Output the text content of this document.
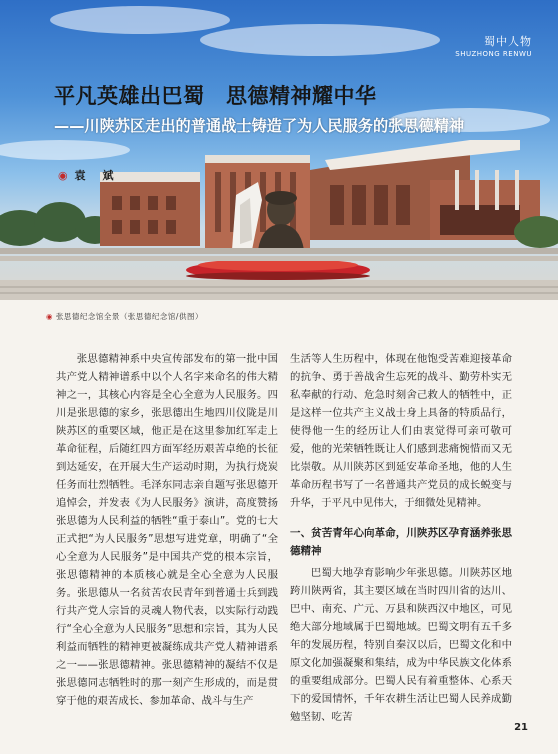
蜀中人物
SHUZHONG RENWU
平凡英雄出巴蜀　思德精神耀中华
——川陕苏区走出的普通战士铸造了为人民服务的张思德精神
◉ 袁　斌
◉ 张思德纪念馆全景（张思德纪念馆/供图）

张思德精神系中央宣传部发布的第一批中国共产党人精神谱系中以个人名字来命名的伟大精神之一，其核心内容是全心全意为人民服务。四川是张思德的家乡，张思德出生地四川仪陇是川陕苏区的重要区域，他正是在这里参加红军走上革命征程，后随红四方面军经历艰苦卓绝的长征到达延安，在开展大生产运动时期，为执行烧炭任务而壮烈牺牲。毛泽东同志亲自题写张思德开追悼会，并发表《为人民服务》演讲，高度赞扬张思德为人民利益的牺牲“重于泰山”。党的七大正式把“为人民服务”思想写进党章，明确了“全心全意为人民服务”是中国共产党的根本宗旨，张思德精神的本质核心就是全心全意为人民服务。张思德从一名贫苦农民青年到普通士兵到践行共产党人宗旨的灵魂人物代表，以实际行动践行“全心全意为人民服务”思想和宗旨，其为人民利益而牺牲的精神更被凝练成共产党人精神谱系之一——张思德精神。张思德精神的凝结不仅是张思德同志牺牲时的那一刻产生形成的，而是贯穿于他的艰苦成长、参加革命、战斗与生产

生活等人生历程中，体现在他饱受苦难迎接革命的抗争、勇于善战舍生忘死的战斗、勤劳朴实无私奉献的行动、危急时刻舍己救人的牺牲中，正是这样一位共产主义战士身上具备的特质品行，使得他一生的经历让人们由衷觉得可亲可敬可爱，他的光荣牺牲既让人们感到悲痛惋惜而又无比崇敬。从川陕苏区到延安革命圣地，他的人生革命历程书写了一名普通共产党员的成长蜕变与升华，于平凡中见伟大，于细微处见精神。

一、贫苦青年心向革命，川陕苏区孕育涵养张思德精神

巴蜀大地孕育影响少年张思德。川陕苏区地跨川陕两省，其主要区域在当时四川省的达川、巴中、南充、广元、万县和陕西汉中地区，可见绝大部分地域属于巴蜀地域。巴蜀文明有五千多年的发展历程，特别自秦汉以后，巴蜀文化和中原文化加强凝聚和集结，成为中华民族文化体系的重要组成部分。巴蜀人民有着重整体、心系天下的爱国情怀，千年农耕生活让巴蜀人民养成勤勉坚韧、吃苦

21
